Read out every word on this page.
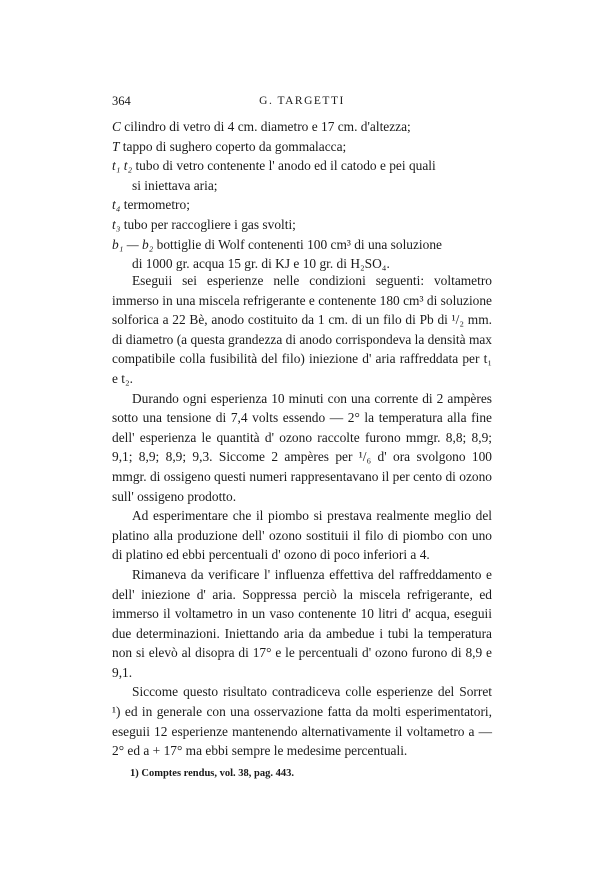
364	G. TARGETTI
C cilindro di vetro di 4 cm. diametro e 17 cm. d'altezza;
T tappo di sughero coperto da gommalacca;
t₁ t₂ tubo di vetro contenente l' anodo ed il catodo e pei quali
si iniettava aria;
t₄ termometro;
t₃ tubo per raccogliere i gas svolti;
b₁ — b₂ bottiglie di Wolf contenenti 100 cm³ di una soluzione
di 1000 gr. acqua 15 gr. di KJ e 10 gr. di H₂SO₄.

Eseguii sei esperienze nelle condizioni seguenti: voltametro immerso in una miscela refrigerante e contenente 180 cm³ di soluzione solforica a 22 Bè, anodo costituito da 1 cm. di un filo di Pb di ¹/₂ mm. di diametro (a questa grandezza di anodo corrispondeva la densità max compatibile colla fusibilità del filo) iniezione d' aria raffreddata per t₁ e t₂.

Durando ogni esperienza 10 minuti con una corrente di 2 ampères sotto una tensione di 7,4 volts essendo — 2° la temperatura alla fine dell' esperienza le quantità d' ozono raccolte furono mmgr. 8,8; 8,9; 9,1; 8,9; 8,9; 9,3. Siccome 2 ampères per ¹/₆ d' ora svolgono 100 mmgr. di ossigeno questi numeri rappresentavano il per cento di ozono sull' ossigeno prodotto.

Ad esperimentare che il piombo si prestava realmente meglio del platino alla produzione dell' ozono sostituii il filo di piombo con uno di platino ed ebbi percentuali d' ozono di poco inferiori a 4.

Rimaneva da verificare l' influenza effettiva del raffreddamento e dell' iniezione d' aria. Soppressa perciò la miscela refrigerante, ed immerso il voltametro in un vaso contenente 10 litri d' acqua, eseguii due determinazioni. Iniettando aria da ambedue i tubi la temperatura non si elevò al disopra di 17° e le percentuali d' ozono furono di 8,9 e 9,1.

Siccome questo risultato contradiceva colle esperienze del Sorret ¹) ed in generale con una osservazione fatta da molti esperimentatori, eseguii 12 esperienze mantenendo alternativamente il voltametro a — 2° ed a + 17° ma ebbi sempre le medesime percentuali.

1) Comptes rendus, vol. 38, pag. 443.
